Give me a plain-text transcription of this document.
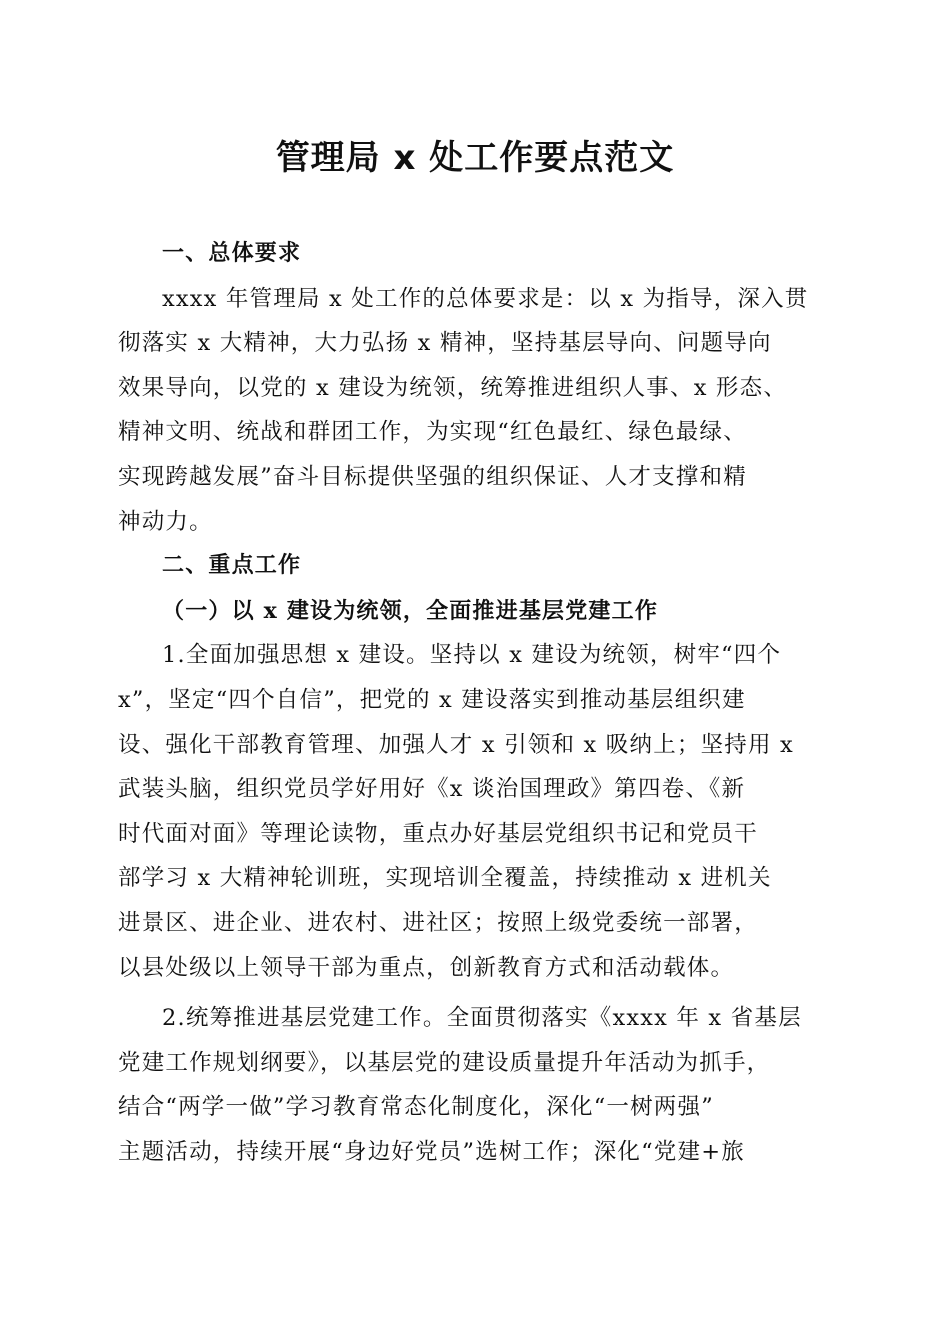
管理局 x 处工作要点范文

一、总体要求

xxxx 年管理局 x 处工作的总体要求是：以 x 为指导，深入贯
彻落实 x 大精神，大力弘扬 x 精神，坚持基层导向、问题导向
效果导向，以党的 x 建设为统领，统筹推进组织人事、x 形态、
精神文明、统战和群团工作，为实现“红色最红、绿色最绿、
实现跨越发展”奋斗目标提供坚强的组织保证、人才支撑和精
神动力。

二、重点工作

（一）以 x 建设为统领，全面推进基层党建工作

1.全面加强思想 x 建设。坚持以 x 建设为统领，树牢“四个
x”，坚定“四个自信”，把党的 x 建设落实到推动基层组织建
设、强化干部教育管理、加强人才 x 引领和 x 吸纳上；坚持用 x
武装头脑，组织党员学好用好《x 谈治国理政》第四卷、《新
时代面对面》等理论读物，重点办好基层党组织书记和党员干
部学习 x 大精神轮训班，实现培训全覆盖，持续推动 x 进机关
进景区、进企业、进农村、进社区；按照上级党委统一部署，
以县处级以上领导干部为重点，创新教育方式和活动载体。

2.统筹推进基层党建工作。全面贯彻落实《xxxx 年 x 省基层
党建工作规划纲要》，以基层党的建设质量提升年活动为抓手，
结合“两学一做”学习教育常态化制度化，深化“一树两强”
主题活动，持续开展“身边好党员”选树工作；深化“党建+旅
